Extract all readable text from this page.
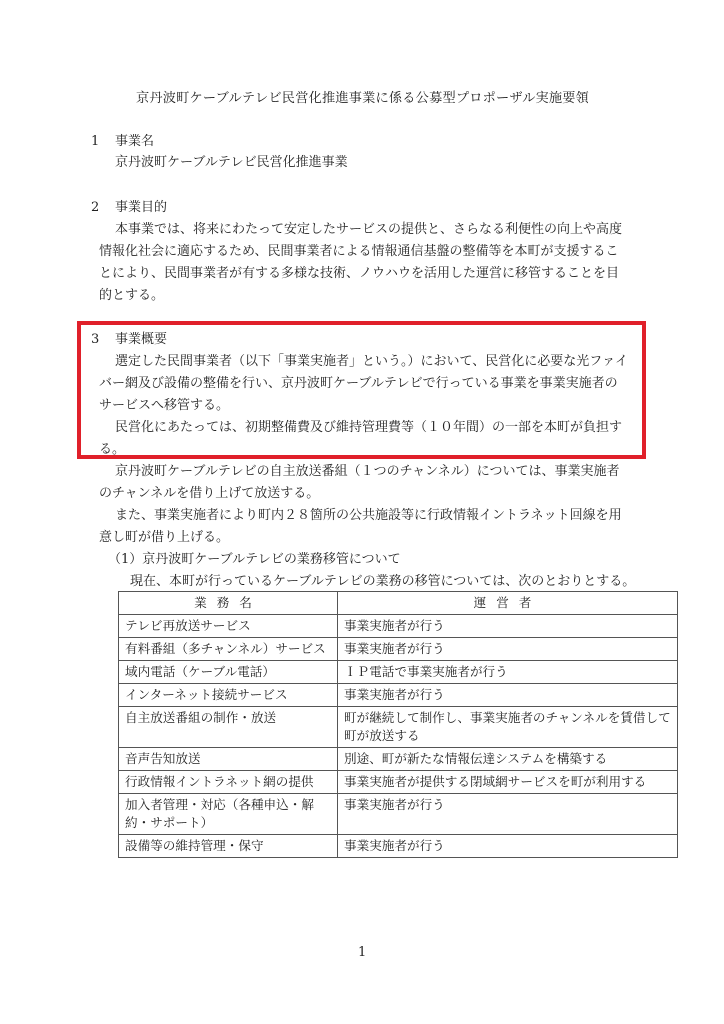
京丹波町ケーブルテレビ民営化推進事業に係る公募型プロポーザル実施要領
1 事業名
京丹波町ケーブルテレビ民営化推進事業
2 事業目的
本事業では、将来にわたって安定したサービスの提供と、さらなる利便性の向上や高度
情報化社会に適応するため、民間事業者による情報通信基盤の整備等を本町が支援するこ
とにより、民間事業者が有する多様な技術、ノウハウを活用した運営に移管することを目
的とする。
3 事業概要
選定した民間事業者（以下「事業実施者」という。）において、民営化に必要な光ファイ
バー網及び設備の整備を行い、京丹波町ケーブルテレビで行っている事業を事業実施者の
サービスへ移管する。
民営化にあたっては、初期整備費及び維持管理費等（１０年間）の一部を本町が負担す
る。
京丹波町ケーブルテレビの自主放送番組（１つのチャンネル）については、事業実施者
のチャンネルを借り上げて放送する。
また、事業実施者により町内２８箇所の公共施設等に行政情報イントラネット回線を用
意し町が借り上げる。
（1）京丹波町ケーブルテレビの業務移管について
現在、本町が行っているケーブルテレビの業務の移管については、次のとおりとする。
業務名	運営者
テレビ再放送サービス	事業実施者が行う
有料番組（多チャンネル）サービス	事業実施者が行う
域内電話（ケーブル電話）	ＩＰ電話で事業実施者が行う
インターネット接続サービス	事業実施者が行う
自主放送番組の制作・放送	町が継続して制作し、事業実施者のチャンネルを賃借して町が放送する
音声告知放送	別途、町が新たな情報伝達システムを構築する
行政情報イントラネット網の提供	事業実施者が提供する閉域網サービスを町が利用する
加入者管理・対応（各種申込・解約・サポート）	事業実施者が行う
設備等の維持管理・保守	事業実施者が行う
1
